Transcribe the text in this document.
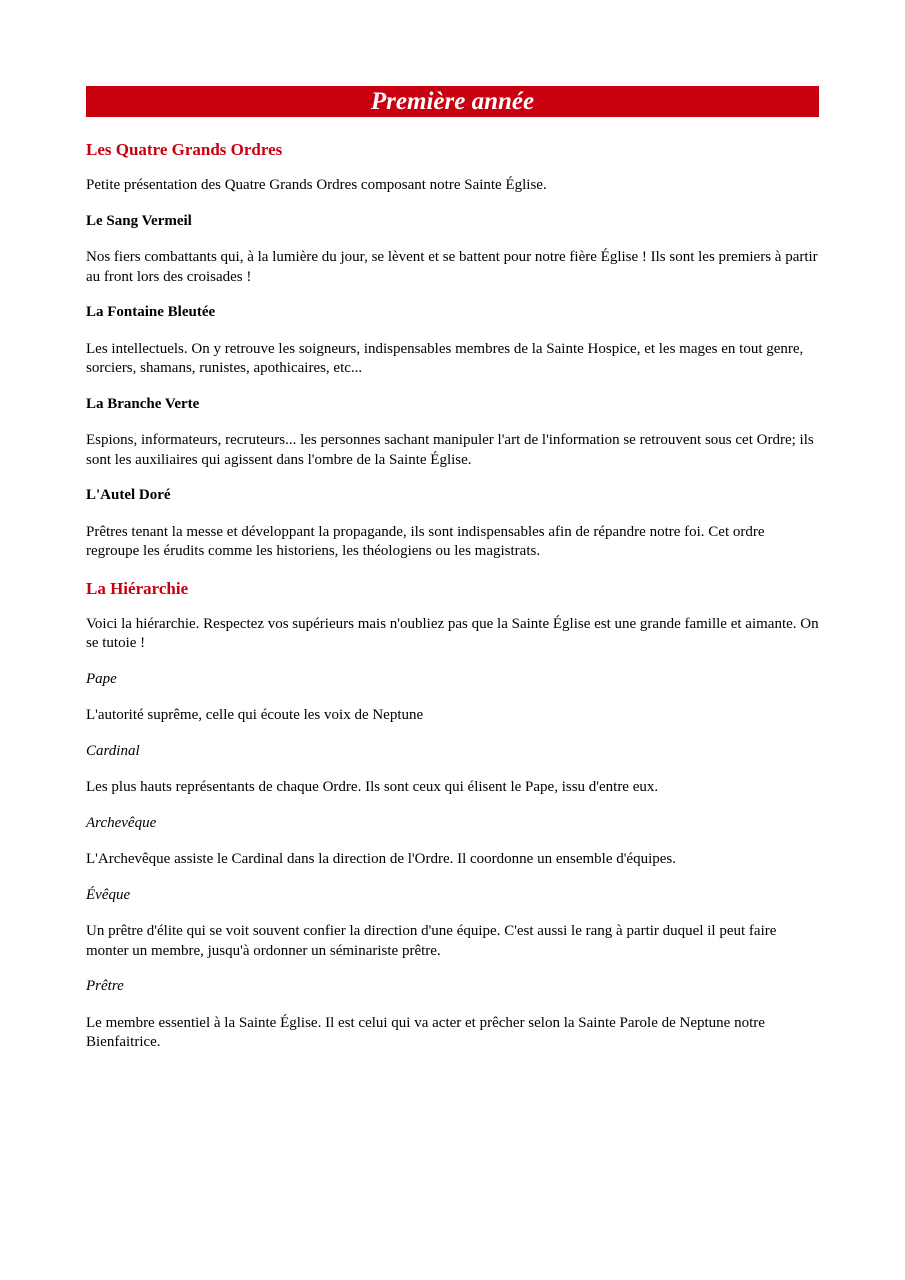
Première année
Les Quatre Grands Ordres

Petite présentation des Quatre Grands Ordres composant notre Sainte Église.

Le Sang Vermeil

Nos fiers combattants qui, à la lumière du jour, se lèvent et se battent pour notre fière Église ! Ils sont les premiers à partir au front lors des croisades !

La Fontaine Bleutée

Les intellectuels. On y retrouve les soigneurs, indispensables membres de la Sainte Hospice, et les mages en tout genre, sorciers, shamans, runistes, apothicaires, etc...

La Branche Verte

Espions, informateurs, recruteurs... les personnes sachant manipuler l'art de l'information se retrouvent sous cet Ordre; ils sont les auxiliaires qui agissent dans l'ombre de la Sainte Église.

L'Autel Doré

Prêtres tenant la messe et développant la propagande, ils sont indispensables afin de répandre notre foi. Cet ordre regroupe les érudits comme les historiens, les théologiens ou les magistrats.

La Hiérarchie

Voici la hiérarchie. Respectez vos supérieurs mais n'oubliez pas que la Sainte Église est une grande famille et aimante. On se tutoie !

Pape

L'autorité suprême, celle qui écoute les voix de Neptune

Cardinal

Les plus hauts représentants de chaque Ordre. Ils sont ceux qui élisent le Pape, issu d'entre eux.

Archevêque

L'Archevêque assiste le Cardinal dans la direction de l'Ordre. Il coordonne un ensemble d'équipes.

Évêque

Un prêtre d'élite qui se voit souvent confier la direction d'une équipe. C'est aussi le rang à partir duquel il peut faire monter un membre, jusqu'à ordonner un séminariste prêtre.

Prêtre

Le membre essentiel à la Sainte Église. Il est celui qui va acter et prêcher selon la Sainte Parole de Neptune notre Bienfaitrice.
